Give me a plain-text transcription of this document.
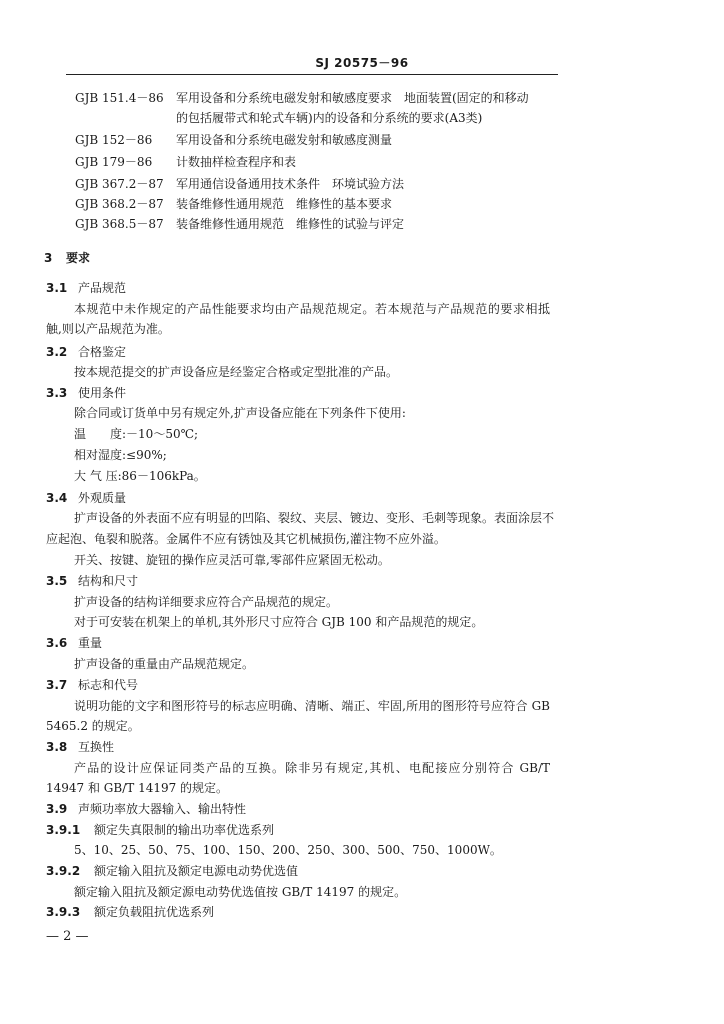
SJ 20575－96
GJB 151.4－86	军用设备和分系统电磁发射和敏感度要求　地面装置(固定的和移动
的包括履带式和轮式车辆)内的设备和分系统的要求(A3类)
GJB 152－86	军用设备和分系统电磁发射和敏感度测量
GJB 179－86	计数抽样检查程序和表
GJB 367.2－87	军用通信设备通用技术条件　环境试验方法
GJB 368.2－87	装备维修性通用规范　维修性的基本要求
GJB 368.5－87	装备维修性通用规范　维修性的试验与评定
3 要求
3.1 产品规范
本规范中未作规定的产品性能要求均由产品规范规定。若本规范与产品规范的要求相抵
触,则以产品规范为准。
3.2 合格鉴定
按本规范提交的扩声设备应是经鉴定合格或定型批准的产品。
3.3 使用条件
除合同或订货单中另有规定外,扩声设备应能在下列条件下使用:
温　　度:－10～50℃;
相对湿度:≤90%;
大 气 压:86－106kPa。
3.4 外观质量
扩声设备的外表面不应有明显的凹陷、裂纹、夹层、镀边、变形、毛刺等现象。表面涂层不
应起泡、龟裂和脱落。金属件不应有锈蚀及其它机械损伤,灌注物不应外溢。
开关、按键、旋钮的操作应灵活可靠,零部件应紧固无松动。
3.5 结构和尺寸
扩声设备的结构详细要求应符合产品规范的规定。
对于可安装在机架上的单机,其外形尺寸应符合 GJB 100 和产品规范的规定。
3.6 重量
扩声设备的重量由产品规范规定。
3.7 标志和代号
说明功能的文字和图形符号的标志应明确、清晰、端正、牢固,所用的图形符号应符合 GB
5465.2 的规定。
3.8 互换性
产品的设计应保证同类产品的互换。除非另有规定,其机、电配接应分别符合 GB/T
14947 和 GB/T 14197 的规定。
3.9 声频功率放大器输入、输出特性
3.9.1 额定失真限制的输出功率优选系列
5、10、25、50、75、100、150、200、250、300、500、750、1000W。
3.9.2 额定输入阻抗及额定电源电动势优选值
额定输入阻抗及额定源电动势优选值按 GB/T 14197 的规定。
3.9.3 额定负载阻抗优选系列
— 2 —
